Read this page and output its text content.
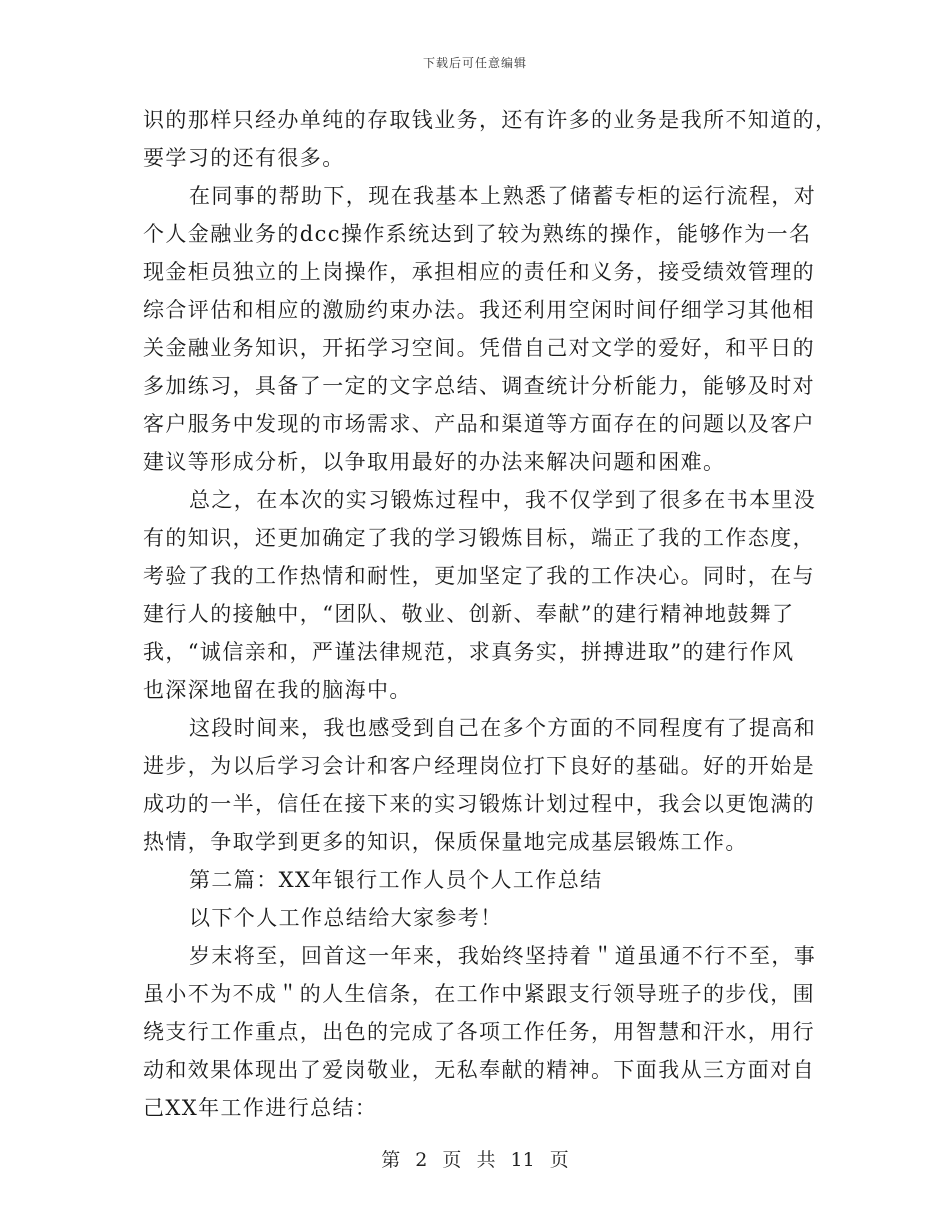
下载后可任意编辑
识的那样只经办单纯的存取钱业务，还有许多的业务是我所不知道的，
要学习的还有很多。
在同事的帮助下，现在我基本上熟悉了储蓄专柜的运行流程，对
个人金融业务的dcc操作系统达到了较为熟练的操作，能够作为一名
现金柜员独立的上岗操作，承担相应的责任和义务，接受绩效管理的
综合评估和相应的激励约束办法。我还利用空闲时间仔细学习其他相
关金融业务知识，开拓学习空间。凭借自己对文学的爱好，和平日的
多加练习，具备了一定的文字总结、调查统计分析能力，能够及时对
客户服务中发现的市场需求、产品和渠道等方面存在的问题以及客户
建议等形成分析，以争取用最好的办法来解决问题和困难。
总之，在本次的实习锻炼过程中，我不仅学到了很多在书本里没
有的知识，还更加确定了我的学习锻炼目标，端正了我的工作态度，
考验了我的工作热情和耐性，更加坚定了我的工作决心。同时，在与
建行人的接触中，“团队、敬业、创新、奉献”的建行精神地鼓舞了
我，“诚信亲和，严谨法律规范，求真务实，拼搏进取”的建行作风
也深深地留在我的脑海中。
这段时间来，我也感受到自己在多个方面的不同程度有了提高和
进步，为以后学习会计和客户经理岗位打下良好的基础。好的开始是
成功的一半，信任在接下来的实习锻炼计划过程中，我会以更饱满的
热情，争取学到更多的知识，保质保量地完成基层锻炼工作。
第二篇：XX年银行工作人员个人工作总结
以下个人工作总结给大家参考！
岁末将至，回首这一年来，我始终坚持着＂道虽通不行不至，事
虽小不为不成＂的人生信条，在工作中紧跟支行领导班子的步伐，围
绕支行工作重点，出色的完成了各项工作任务，用智慧和汗水，用行
动和效果体现出了爱岗敬业，无私奉献的精神。下面我从三方面对自
己XX年工作进行总结：
第 2 页 共 11 页
